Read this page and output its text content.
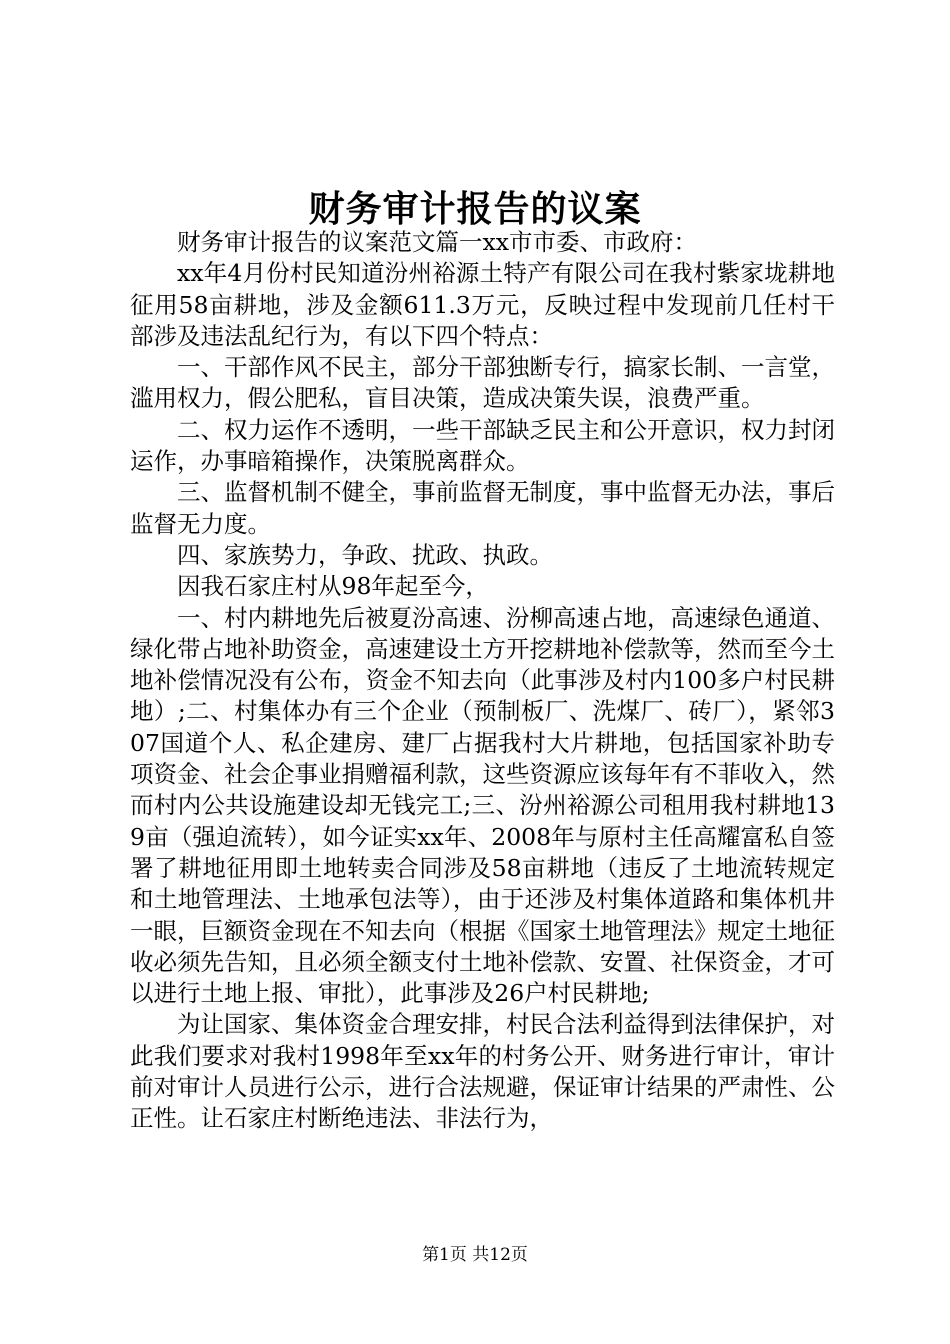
财务审计报告的议案

财务审计报告的议案范文篇一xx市市委、市政府：

xx年4月份村民知道汾州裕源土特产有限公司在我村紫家垅耕地征用58亩耕地，涉及金额611.3万元，反映过程中发现前几任村干部涉及违法乱纪行为，有以下四个特点：

一、干部作风不民主，部分干部独断专行，搞家长制、一言堂，滥用权力，假公肥私，盲目决策，造成决策失误，浪费严重。

二、权力运作不透明，一些干部缺乏民主和公开意识，权力封闭运作，办事暗箱操作，决策脱离群众。

三、监督机制不健全，事前监督无制度，事中监督无办法，事后监督无力度。

四、家族势力，争政、扰政、执政。

因我石家庄村从98年起至今，

一、村内耕地先后被夏汾高速、汾柳高速占地，高速绿色通道、绿化带占地补助资金，高速建设土方开挖耕地补偿款等，然而至今土地补偿情况没有公布，资金不知去向（此事涉及村内100多户村民耕地）;二、村集体办有三个企业（预制板厂、洗煤厂、砖厂），紧邻307国道个人、私企建房、建厂占据我村大片耕地，包括国家补助专项资金、社会企事业捐赠福利款，这些资源应该每年有不菲收入，然而村内公共设施建设却无钱完工;三、汾州裕源公司租用我村耕地139亩（强迫流转），如今证实xx年、2008年与原村主任高耀富私自签署了耕地征用即土地转卖合同涉及58亩耕地（违反了土地流转规定和土地管理法、土地承包法等），由于还涉及村集体道路和集体机井一眼，巨额资金现在不知去向（根据《国家土地管理法》规定土地征收必须先告知，且必须全额支付土地补偿款、安置、社保资金，才可以进行土地上报、审批），此事涉及26户村民耕地;

为让国家、集体资金合理安排，村民合法利益得到法律保护，对此我们要求对我村1998年至xx年的村务公开、财务进行审计，审计前对审计人员进行公示，进行合法规避，保证审计结果的严肃性、公正性。让石家庄村断绝违法、非法行为，

第1页 共12页
